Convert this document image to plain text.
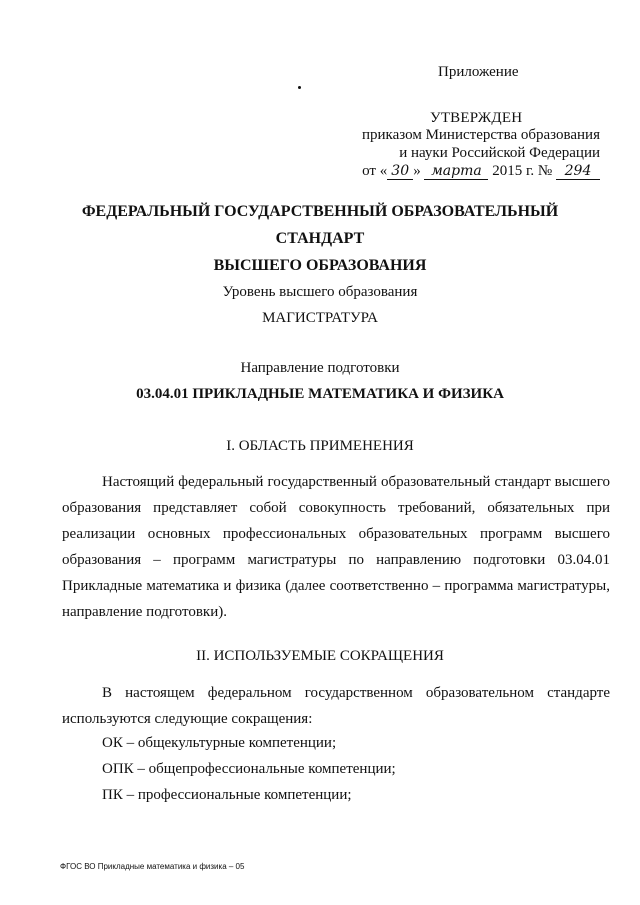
Приложение
УТВЕРЖДЕН
приказом Министерства образования
и науки Российской Федерации
от « 30 » марта 2015 г. № 294
ФЕДЕРАЛЬНЫЙ ГОСУДАРСТВЕННЫЙ ОБРАЗОВАТЕЛЬНЫЙ СТАНДАРТ
ВЫСШЕГО ОБРАЗОВАНИЯ
Уровень высшего образования
МАГИСТРАТУРА
Направление подготовки
03.04.01 ПРИКЛАДНЫЕ МАТЕМАТИКА И ФИЗИКА
I. ОБЛАСТЬ ПРИМЕНЕНИЯ
Настоящий федеральный государственный образовательный стандарт высшего образования представляет собой совокупность требований, обязательных при реализации основных профессиональных образовательных программ высшего образования – программ магистратуры по направлению подготовки 03.04.01 Прикладные математика и физика (далее соответственно – программа магистратуры, направление подготовки).
II. ИСПОЛЬЗУЕМЫЕ СОКРАЩЕНИЯ
В настоящем федеральном государственном образовательном стандарте используются следующие сокращения:
ОК – общекультурные компетенции;
ОПК – общепрофессиональные компетенции;
ПК – профессиональные компетенции;
ФГОС ВО Прикладные математика и физика – 05
